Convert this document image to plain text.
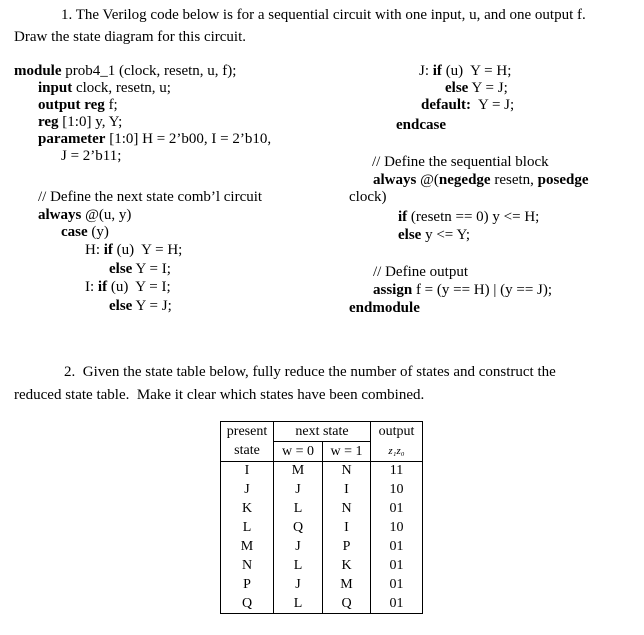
1. The Verilog code below is for a sequential circuit with one input, u, and one output f.
Draw the state diagram for this circuit.
module prob4_1 (clock, resetn, u, f);
input clock, resetn, u;
output reg f;
reg [1:0] y, Y;
parameter [1:0] H = 2’b00, I = 2’b10,
J = 2’b11;
// Define the next state comb’l circuit
always @(u, y)
case (y)
H: if (u)  Y = H;
else Y = I;
I: if (u)  Y = I;
else Y = J;
J: if (u)  Y = H;
else Y = J;
default:  Y = J;
endcase
// Define the sequential block
always @(negedge resetn, posedge
clock)
if (resetn == 0) y <= H;
else y <= Y;
// Define output
assign f = (y == H) | (y == J);
endmodule
2.  Given the state table below, fully reduce the number of states and construct the
reduced state table.  Make it clear which states have been combined.
present	next state		output
state	w = 0	w = 1	z₁z₀
I	M	N	11
J	J	I	10
K	L	N	01
L	Q	I	10
M	J	P	01
N	L	K	01
P	J	M	01
Q	L	Q	01
